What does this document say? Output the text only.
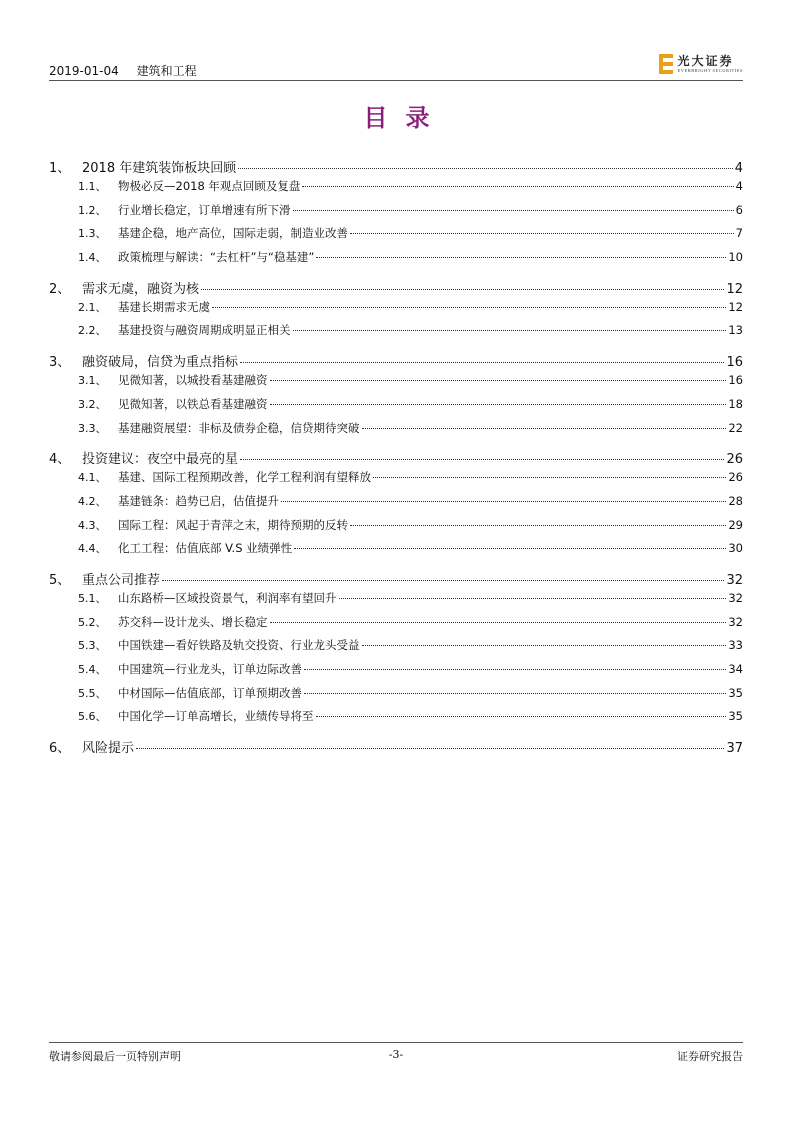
2019-01-04 建筑和工程
光大证券
EVERBRIGHT SECURITIES
目录
1、 2018 年建筑装饰板块回顾	4
1.1、	物极必反—2018 年观点回顾及复盘	4
1.2、	行业增长稳定，订单增速有所下滑	6
1.3、	基建企稳，地产高位，国际走弱，制造业改善	7
1.4、	政策梳理与解读：“去杠杆”与“稳基建”	10
2、 需求无虞，融资为核	12
2.1、	基建长期需求无虞	12
2.2、	基建投资与融资周期成明显正相关	13
3、 融资破局，信贷为重点指标	16
3.1、	见微知著，以城投看基建融资	16
3.2、	见微知著，以铁总看基建融资	18
3.3、	基建融资展望：非标及债券企稳，信贷期待突破	22
4、 投资建议：夜空中最亮的星	26
4.1、	基建、国际工程预期改善，化学工程利润有望释放	26
4.2、	基建链条：趋势已启，估值提升	28
4.3、	国际工程：风起于青萍之末，期待预期的反转	29
4.4、	化工工程：估值底部 V.S 业绩弹性	30
5、 重点公司推荐	32
5.1、	山东路桥—区域投资景气，利润率有望回升	32
5.2、	苏交科—设计龙头、增长稳定	32
5.3、	中国铁建—看好铁路及轨交投资、行业龙头受益	33
5.4、	中国建筑—行业龙头，订单边际改善	34
5.5、	中材国际—估值底部，订单预期改善	35
5.6、	中国化学—订单高增长，业绩传导将至	35
6、 风险提示	37
敬请参阅最后一页特别声明	-3-	证券研究报告
